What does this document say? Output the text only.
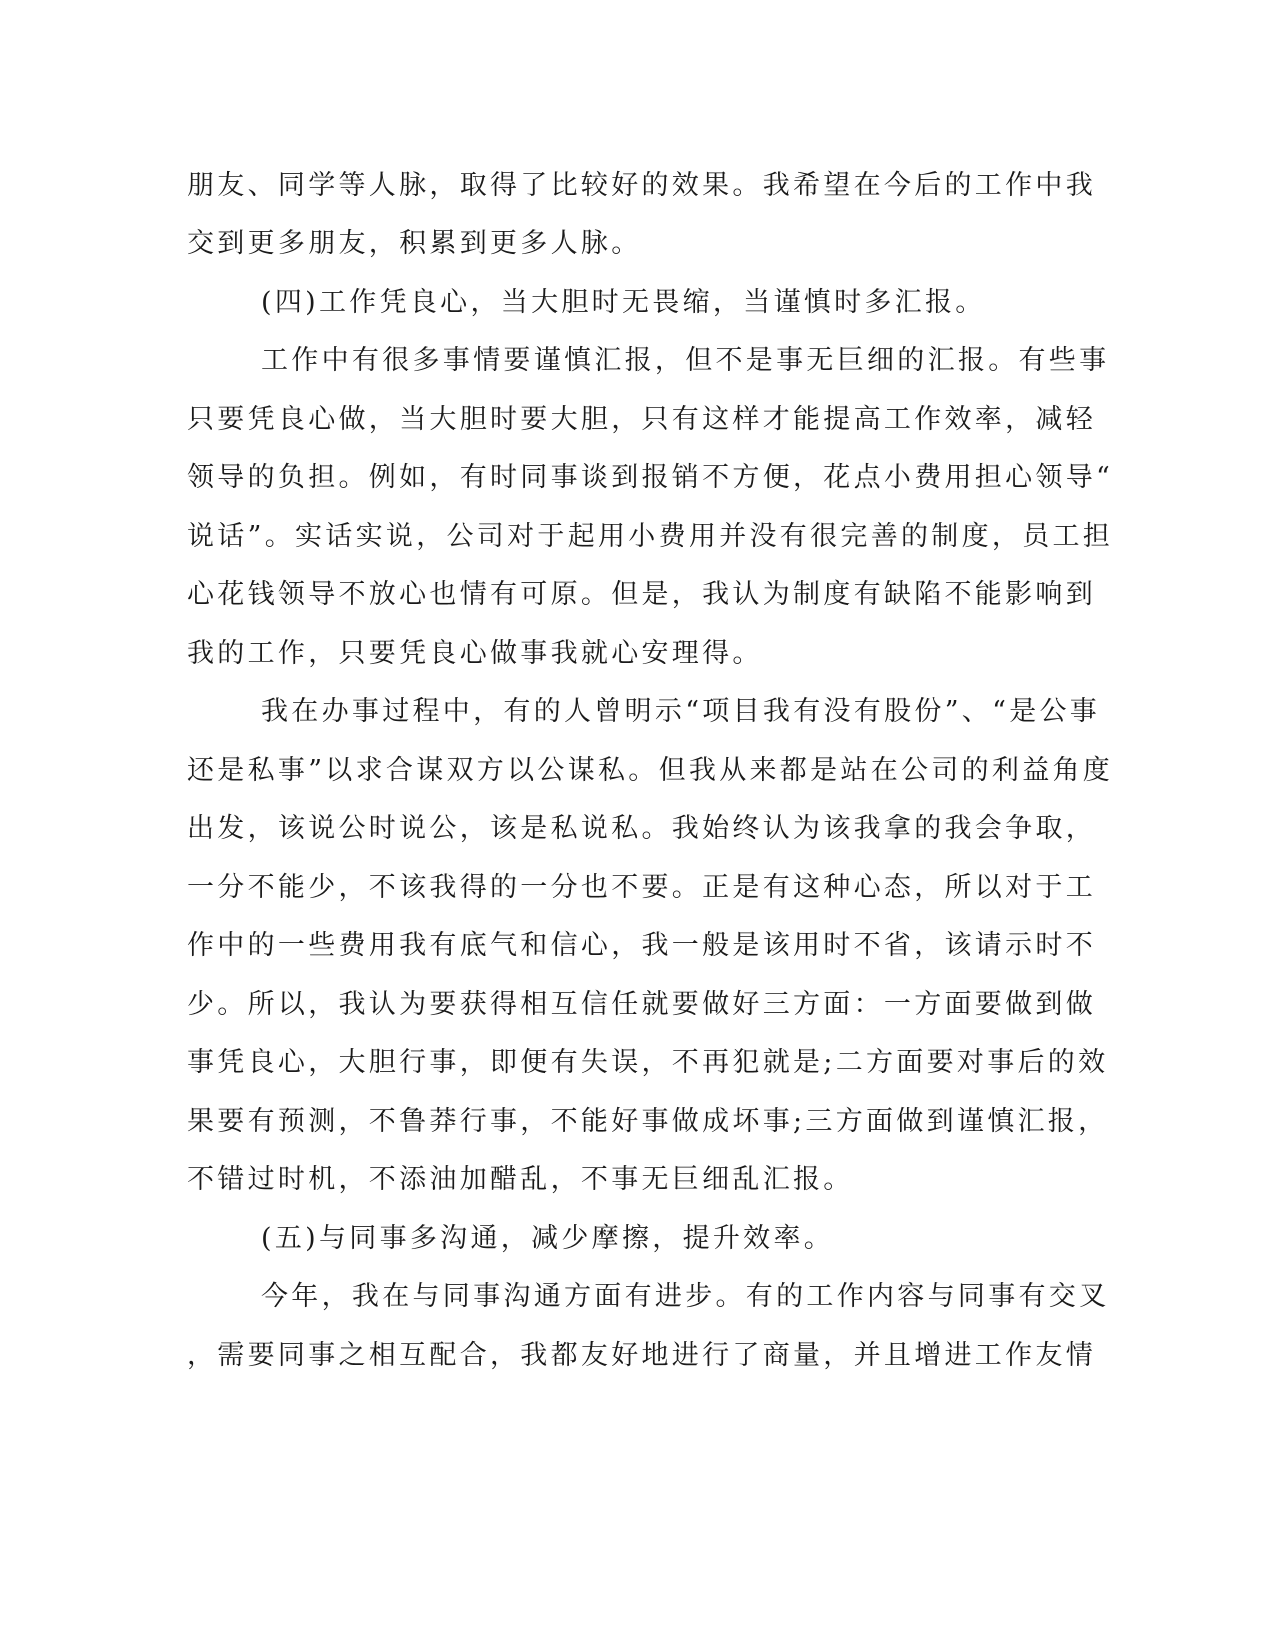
朋友、同学等人脉，取得了比较好的效果。我希望在今后的工作中我
交到更多朋友，积累到更多人脉。
(四)工作凭良心，当大胆时无畏缩，当谨慎时多汇报。
工作中有很多事情要谨慎汇报，但不是事无巨细的汇报。有些事
只要凭良心做，当大胆时要大胆，只有这样才能提高工作效率，减轻
领导的负担。例如，有时同事谈到报销不方便，花点小费用担心领导“
说话”。实话实说，公司对于起用小费用并没有很完善的制度，员工担
心花钱领导不放心也情有可原。但是，我认为制度有缺陷不能影响到
我的工作，只要凭良心做事我就心安理得。
我在办事过程中，有的人曾明示“项目我有没有股份”、“是公事
还是私事”以求合谋双方以公谋私。但我从来都是站在公司的利益角度
出发，该说公时说公，该是私说私。我始终认为该我拿的我会争取，
一分不能少，不该我得的一分也不要。正是有这种心态，所以对于工
作中的一些费用我有底气和信心，我一般是该用时不省，该请示时不
少。所以，我认为要获得相互信任就要做好三方面：一方面要做到做
事凭良心，大胆行事，即便有失误，不再犯就是;二方面要对事后的效
果要有预测，不鲁莽行事，不能好事做成坏事;三方面做到谨慎汇报，
不错过时机，不添油加醋乱，不事无巨细乱汇报。
(五)与同事多沟通，减少摩擦，提升效率。
今年，我在与同事沟通方面有进步。有的工作内容与同事有交叉
，需要同事之相互配合，我都友好地进行了商量，并且增进工作友情
